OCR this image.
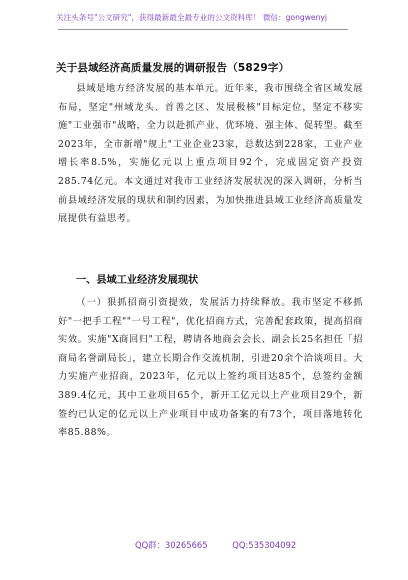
关注头条号"公文研究"，获得最新最全最专业的公文资料库！ 微信：gongwenyj
关于县域经济高质量发展的调研报告（5829字）
县域是地方经济发展的基本单元。近年来，我市围绕全省区域发展布局，坚定"州域龙头、首善之区、发展极核"目标定位，坚定不移实施"工业强市"战略，全力以赴抓产业、优环境、强主体、促转型。截至2023年，全市新增"规上"工业企业23家，总数达到228家，工业产业增长率8.5%，实施亿元以上重点项目92个，完成固定资产投资285.74亿元。本文通过对我市工业经济发展状况的深入调研，分析当前县域经济发展的现状和制约因素，为加快推进县域工业经济高质量发展提供有益思考。
一、县域工业经济发展现状
（一）狠抓招商引资提效，发展活力持续释放。我市坚定不移抓好"一把手工程""一号工程"，优化招商方式，完善配套政策，提高招商实效。实施"X商回归"工程，聘请各地商会会长、副会长25名担任「招商局名誉副局长」，建立长期合作交流机制，引进20余个洽谈项目。大力实施产业招商，2023年，亿元以上签约项目达85个，总签约金额389.4亿元，其中工业项目65个，新开工亿元以上产业项目29个，新签约已认定的亿元以上产业项目中成功备案的有73个，项目落地转化率85.88%。
QQ群：30265665	QQ:535304092
